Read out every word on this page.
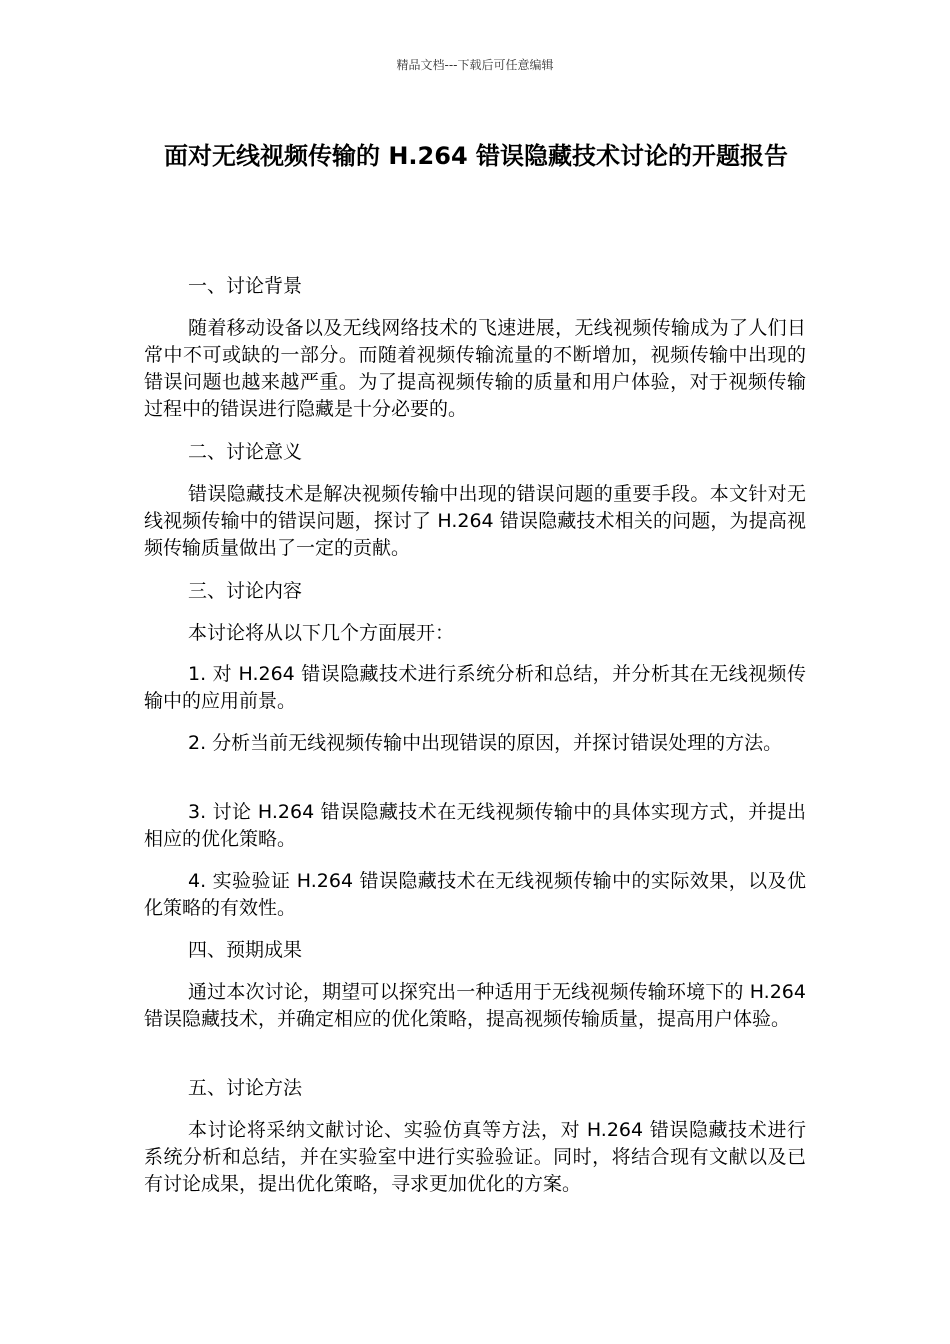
精品文档---下载后可任意编辑
面对无线视频传输的 H.264 错误隐藏技术讨论的开题报告

一、讨论背景

随着移动设备以及无线网络技术的飞速进展，无线视频传输成为了人们日常中不可或缺的一部分。而随着视频传输流量的不断增加，视频传输中出现的错误问题也越来越严重。为了提高视频传输的质量和用户体验，对于视频传输过程中的错误进行隐藏是十分必要的。

二、讨论意义

错误隐藏技术是解决视频传输中出现的错误问题的重要手段。本文针对无线视频传输中的错误问题，探讨了 H.264 错误隐藏技术相关的问题，为提高视频传输质量做出了一定的贡献。

三、讨论内容

本讨论将从以下几个方面展开：

1. 对 H.264 错误隐藏技术进行系统分析和总结，并分析其在无线视频传输中的应用前景。

2. 分析当前无线视频传输中出现错误的原因，并探讨错误处理的方法。

3. 讨论 H.264 错误隐藏技术在无线视频传输中的具体实现方式，并提出相应的优化策略。

4. 实验验证 H.264 错误隐藏技术在无线视频传输中的实际效果，以及优化策略的有效性。

四、预期成果

通过本次讨论，期望可以探究出一种适用于无线视频传输环境下的 H.264 错误隐藏技术，并确定相应的优化策略，提高视频传输质量，提高用户体验。

五、讨论方法

本讨论将采纳文献讨论、实验仿真等方法，对 H.264 错误隐藏技术进行系统分析和总结，并在实验室中进行实验验证。同时，将结合现有文献以及已有讨论成果，提出优化策略，寻求更加优化的方案。
